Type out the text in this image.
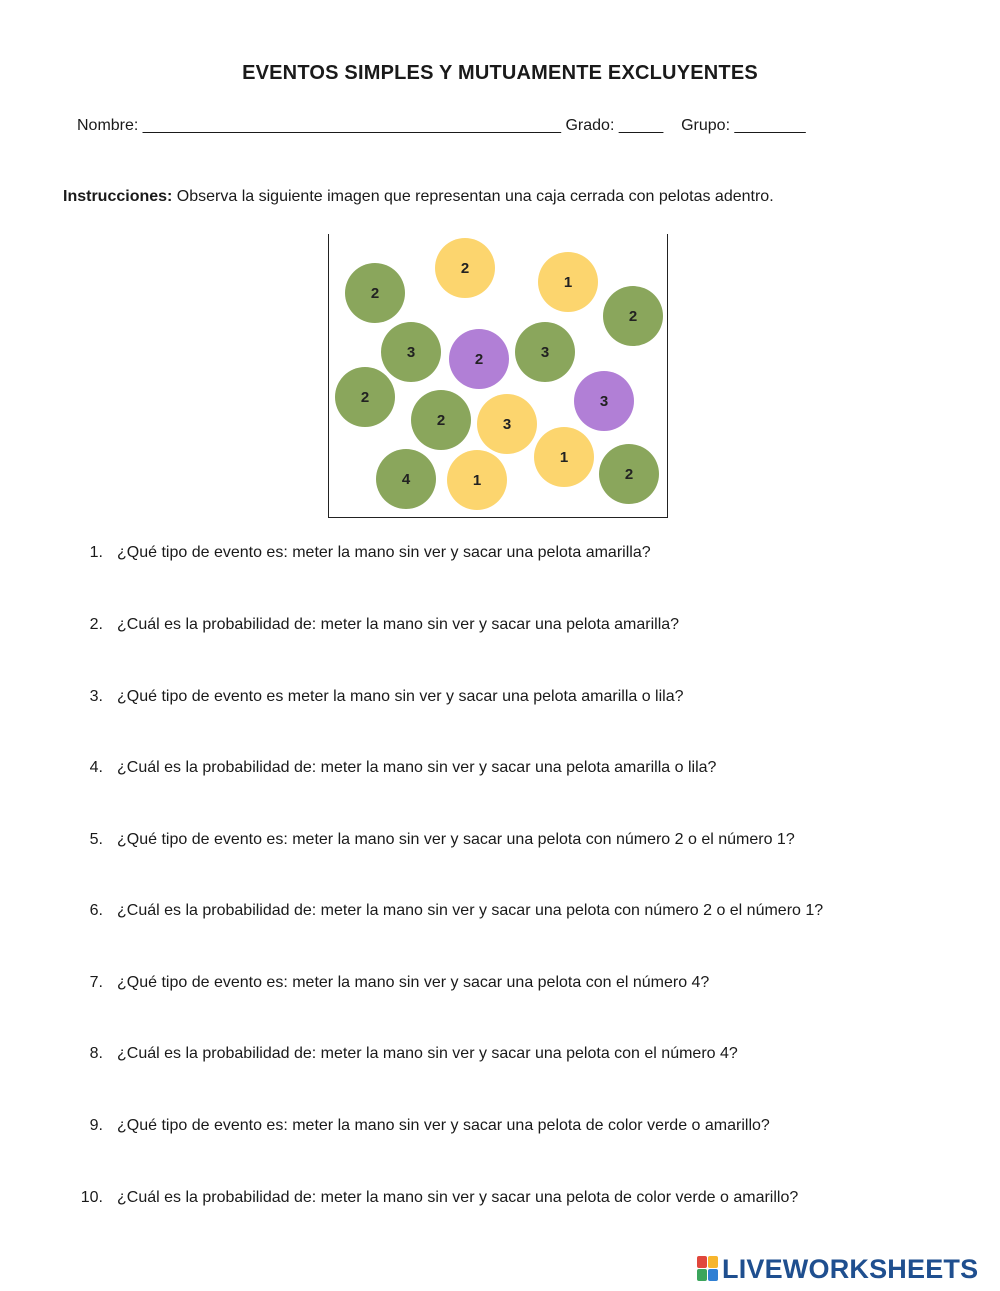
EVENTOS SIMPLES Y MUTUAMENTE EXCLUYENTES
Nombre: _______________________________________________ Grado: _____    Grupo: ________
Instrucciones: Observa la siguiente imagen que representan una caja cerrada con pelotas adentro.
2
2
1
2
3	2	3
2
2	3
3
1
4	1	2
1. ¿Qué tipo de evento es: meter la mano sin ver y sacar una pelota amarilla?
2. ¿Cuál es la probabilidad de: meter la mano sin ver y sacar una pelota amarilla?
3. ¿Qué tipo de evento es meter la mano sin ver y sacar una pelota amarilla o lila?
4. ¿Cuál es la probabilidad de: meter la mano sin ver y sacar una pelota amarilla o lila?
5. ¿Qué tipo de evento es: meter la mano sin ver y sacar una pelota con número 2 o el número 1?
6. ¿Cuál es la probabilidad de: meter la mano sin ver y sacar una pelota con número 2 o el número 1?
7. ¿Qué tipo de evento es: meter la mano sin ver y sacar una pelota con el número 4?
8. ¿Cuál es la probabilidad de: meter la mano sin ver y sacar una pelota con el número 4?
9. ¿Qué tipo de evento es: meter la mano sin ver y sacar una pelota de color verde o amarillo?
10. ¿Cuál es la probabilidad de: meter la mano sin ver y sacar una pelota de color verde o amarillo?
LIVEWORKSHEETS
